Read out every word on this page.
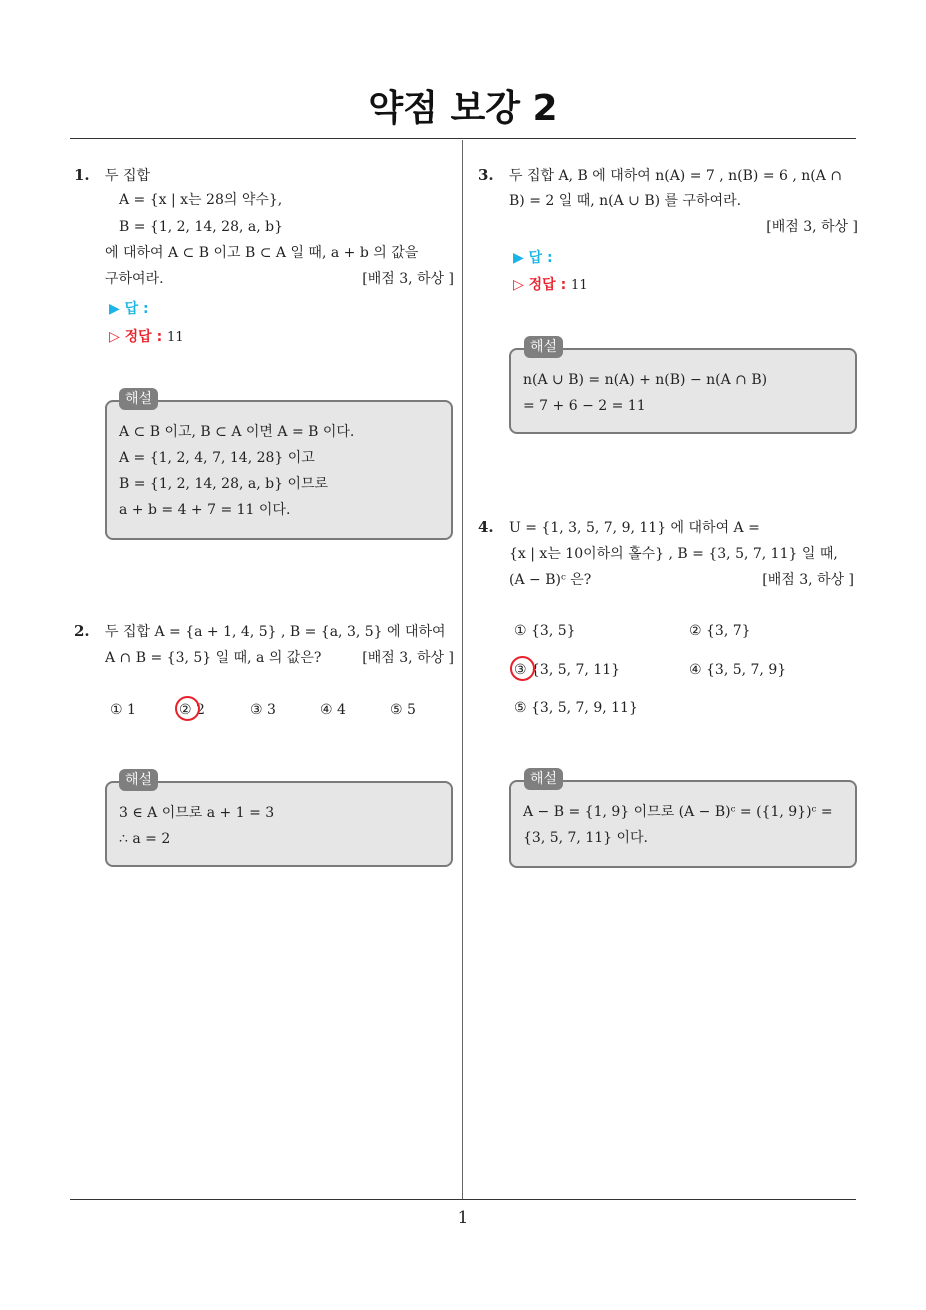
약점 보강 2
1. 두 집합
A = {x | x는 28의 약수},
B = {1, 2, 14, 28, a, b}
에 대하여 A ⊂ B 이고 B ⊂ A 일 때, a + b 의 값을
구하여라.	[배점 3, 하상 ]
▶ 답 :
▷ 정답 : 11
A ⊂ B 이고, B ⊂ A 이면 A = B 이다.
A = {1, 2, 4, 7, 14, 28} 이고
B = {1, 2, 14, 28, a, b} 이므로
a + b = 4 + 7 = 11 이다.
해설
2. 두 집합 A = {a + 1, 4, 5} , B = {a, 3, 5} 에 대하여
A ∩ B = {3, 5} 일 때, a 의 값은?	[배점 3, 하상 ]
① 1	② 2	③ 3	④ 4	⑤ 5
3 ∈ A 이므로 a + 1 = 3
∴ a = 2
해설
3. 두 집합 A, B 에 대하여 n(A) = 7 , n(B) = 6 , n(A ∩
B) = 2 일 때, n(A ∪ B) 를 구하여라.
[배점 3, 하상 ]
▶ 답 :
▷ 정답 : 11
n(A ∪ B) = n(A) + n(B) − n(A ∩ B)
= 7 + 6 − 2 = 11
해설
4. U = {1, 3, 5, 7, 9, 11} 에 대하여 A =
{x | x는 10이하의 홀수} , B = {3, 5, 7, 11} 일 때,
(A − B)ᶜ 은?	[배점 3, 하상 ]
① {3, 5}	② {3, 7}
③ {3, 5, 7, 11}	④ {3, 5, 7, 9}
⑤ {3, 5, 7, 9, 11}
A − B = {1, 9} 이므로 (A − B)ᶜ = ({1, 9})ᶜ =
{3, 5, 7, 11} 이다.
해설
1
